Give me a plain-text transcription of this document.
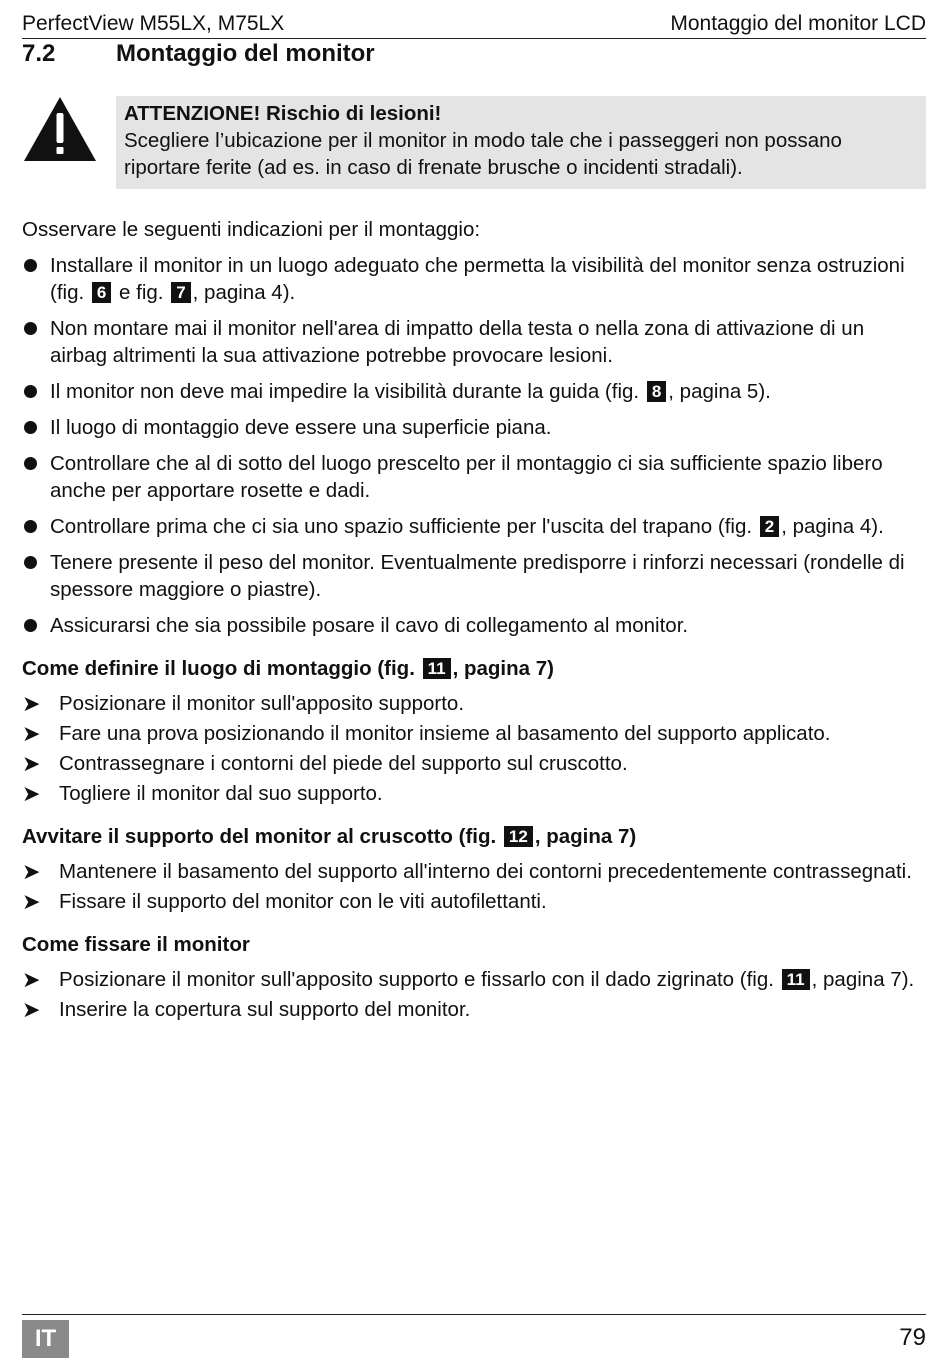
PerfectView M55LX, M75LX	Montaggio del monitor LCD
7.2	Montaggio del monitor
ATTENZIONE! Rischio di lesioni!
Scegliere l’ubicazione per il monitor in modo tale che i passeggeri non possano riportare ferite (ad es. in caso di frenate brusche o incidenti stradali).

Osservare le seguenti indicazioni per il montaggio:

Installare il monitor in un luogo adeguato che permetta la visibilità del monitor senza ostruzioni (fig. 6 e fig. 7 , pagina 4).
Non montare mai il monitor nell'area di impatto della testa o nella zona di attivazione di un airbag altrimenti la sua attivazione potrebbe provocare lesioni.
Il monitor non deve mai impedire la visibilità durante la guida (fig. 8 , pagina 5).
Il luogo di montaggio deve essere una superficie piana.
Controllare che al di sotto del luogo prescelto per il montaggio ci sia sufficiente spazio libero anche per apportare rosette e dadi.
Controllare prima che ci sia uno spazio sufficiente per l'uscita del trapano (fig. 2 , pagina 4).
Tenere presente il peso del monitor. Eventualmente predisporre i rinforzi necessari (rondelle di spessore maggiore o piastre).
Assicurarsi che sia possibile posare il cavo di collegamento al monitor.
Come definire il luogo di montaggio (fig. 11 , pagina 7)
➤ Posizionare il monitor sull'apposito supporto.
➤ Fare una prova posizionando il monitor insieme al basamento del supporto applicato.
➤ Contrassegnare i contorni del piede del supporto sul cruscotto.
➤ Togliere il monitor dal suo supporto.
Avvitare il supporto del monitor al cruscotto (fig. 12 , pagina 7)
➤ Mantenere il basamento del supporto all'interno dei contorni precedentemente contrassegnati.
➤ Fissare il supporto del monitor con le viti autofilettanti.
Come fissare il monitor
➤ Posizionare il monitor sull'apposito supporto e fissarlo con il dado zigrinato (fig. 11 , pagina 7).
➤ Inserire la copertura sul supporto del monitor.
IT	79
